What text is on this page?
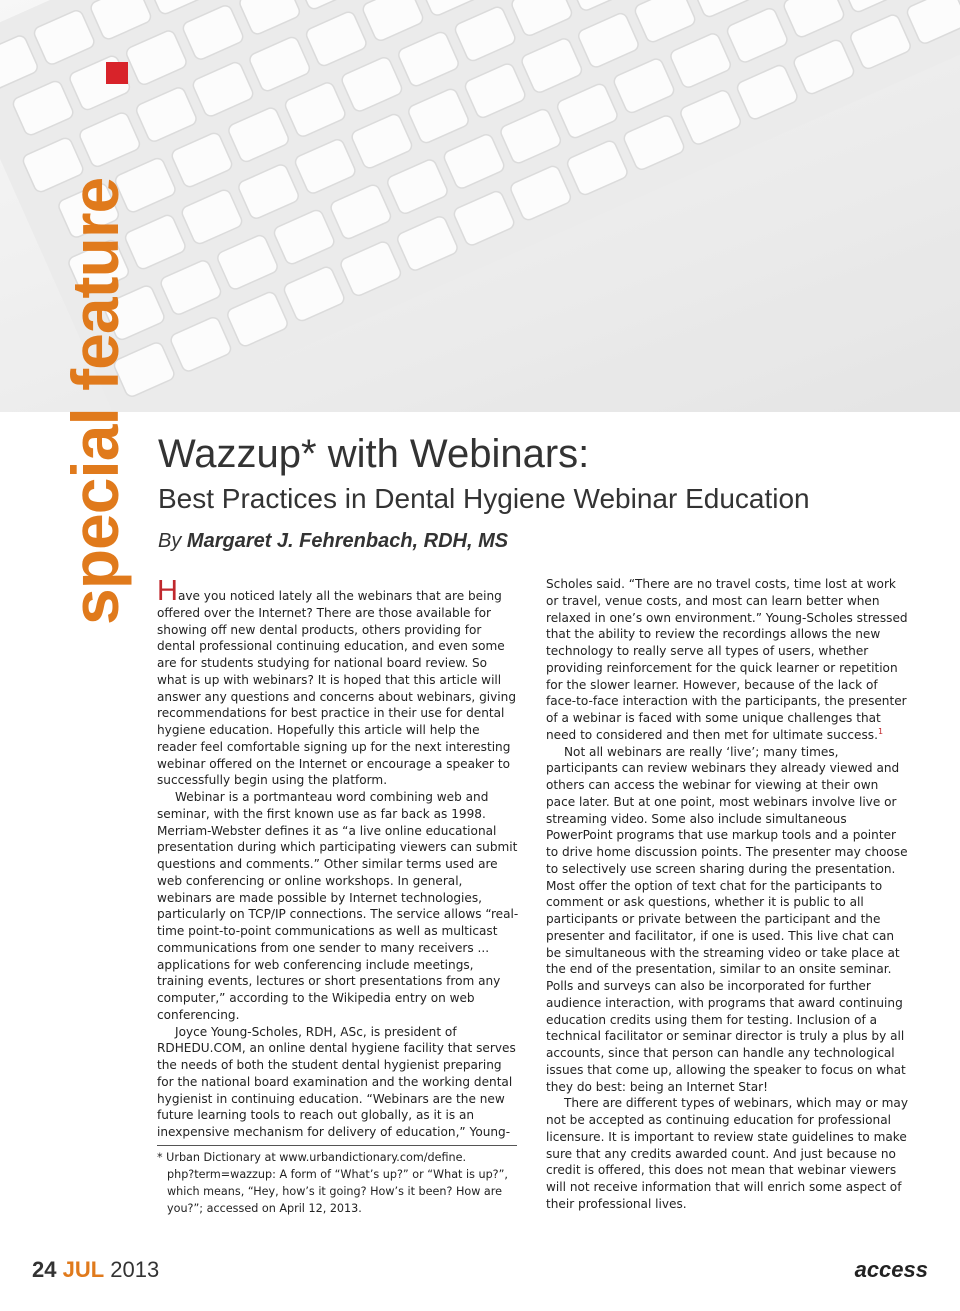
special feature Wazzup* with Webinars:
Best Practices in Dental Hygiene Webinar Education
By Margaret J. Fehrenbach, RDH, MS

Have you noticed lately all the webinars that are being offered over the Internet? There are those available for showing off new dental products, others providing for dental professional continuing education, and even some are for students studying for national board review. So what is up with webinars? It is hoped that this article will answer any questions and concerns about webinars, giving recommendations for best practice in their use for dental hygiene education. Hopefully this article will help the reader feel comfortable signing up for the next interesting webinar offered on the Internet or encourage a speaker to successfully begin using the platform.

Webinar is a portmanteau word combining web and seminar, with the first known use as far back as 1998. Merriam-Webster defines it as “a live online educational presentation during which participating viewers can submit questions and comments.” Other similar terms used are web conferencing or online workshops. In general, webinars are made possible by Internet technologies, particularly on TCP/IP connections. The service allows “real-time point-to-point communications as well as multicast communications from one sender to many receivers ... applications for web conferencing include meetings, training events, lectures or short presentations from any computer,” according to the Wikipedia entry on web conferencing.

Joyce Young-Scholes, RDH, ASc, is president of RDHEDU.COM, an online dental hygiene facility that serves the needs of both the student dental hygienist preparing for the national board examination and the working dental hygienist in continuing education. “Webinars are the new future learning tools to reach out globally, as it is an inexpensive mechanism for delivery of education,” Young-

* Urban Dictionary at www.urbandictionary.com/define.
php?term=wazzup: A form of “What’s up?” or “What is up?”,
which means, “Hey, how’s it going? How’s it been? How are
you?”; accessed on April 12, 2013.

Scholes said. “There are no travel costs, time lost at work or travel, venue costs, and most can learn better when relaxed in one’s own environment.” Young-Scholes stressed that the ability to review the recordings allows the new technology to really serve all types of users, whether providing reinforcement for the quick learner or repetition for the slower learner. However, because of the lack of face-to-face interaction with the participants, the presenter of a webinar is faced with some unique challenges that need to considered and then met for ultimate success.$^1$

Not all webinars are really ‘live’; many times, participants can review webinars they already viewed and others can access the webinar for viewing at their own pace later. But at one point, most webinars involve live or streaming video. Some also include simultaneous PowerPoint programs that use markup tools and a pointer to drive home discussion points. The presenter may choose to selectively use screen sharing during the presentation. Most offer the option of text chat for the participants to comment or ask questions, whether it is public to all participants or private between the participant and the presenter and facilitator, if one is used. This live chat can be simultaneous with the streaming video or take place at the end of the presentation, similar to an onsite seminar. Polls and surveys can also be incorporated for further audience interaction, with programs that award continuing education credits using them for testing. Inclusion of a technical facilitator or seminar director is truly a plus by all accounts, since that person can handle any technological issues that come up, allowing the speaker to focus on what they do best: being an Internet Star!

There are different types of webinars, which may or may not be accepted as continuing education for professional licensure. It is important to review state guidelines to make sure that any credits awarded count. And just because no credit is offered, this does not mean that webinar viewers will not receive information that will enrich some aspect of their professional lives.

24 JUL 2013	access
